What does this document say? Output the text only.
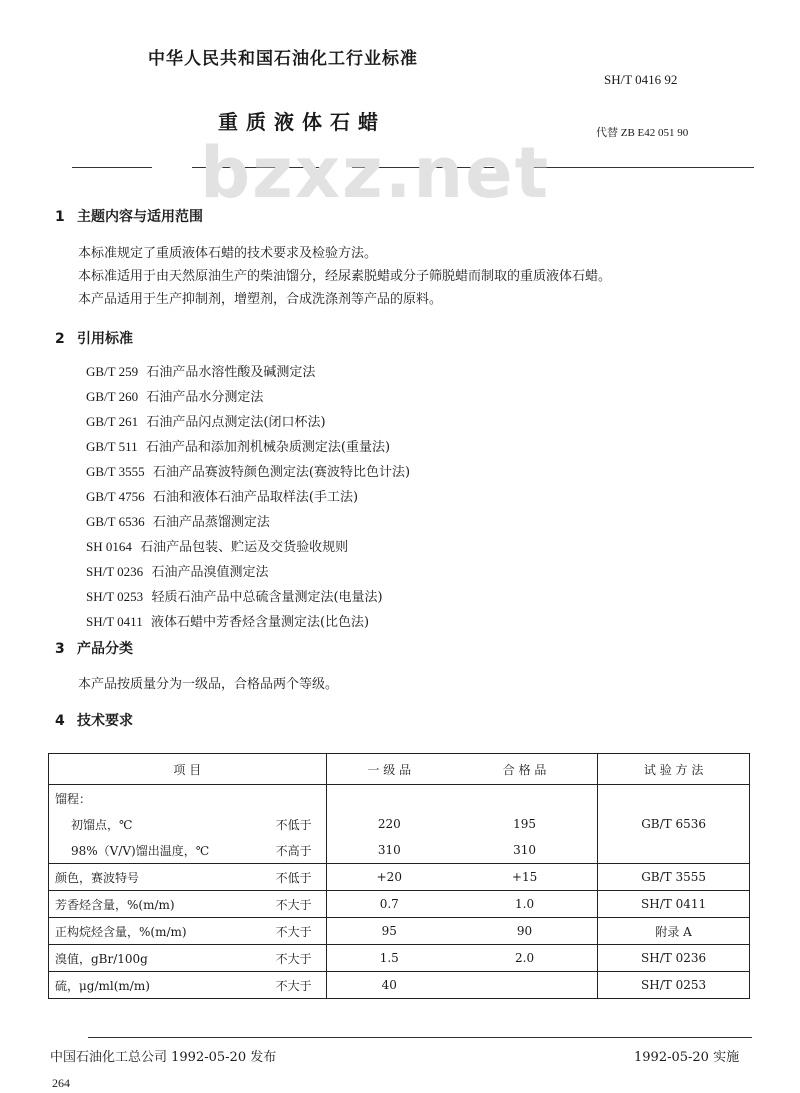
中华人民共和国石油化工行业标准
SH/T 0416 92
重质液体石蜡	代替 ZB E42 051 90
bzxz.net
1 主题内容与适用范围
本标准规定了重质液体石蜡的技术要求及检验方法。
本标准适用于由天然原油生产的柴油馏分，经尿素脱蜡或分子筛脱蜡而制取的重质液体石蜡。
本产品适用于生产抑制剂，增塑剂，合成洗涤剂等产品的原料。
2 引用标准
GB/T 259 石油产品水溶性酸及碱测定法
GB/T 260 石油产品水分测定法
GB/T 261 石油产品闪点测定法(闭口杯法)
GB/T 511 石油产品和添加剂机械杂质测定法(重量法)
GB/T 3555 石油产品赛波特颜色测定法(赛波特比色计法)
GB/T 4756 石油和液体石油产品取样法(手工法)
GB/T 6536 石油产品蒸馏测定法
SH 0164 石油产品包装、贮运及交货验收规则
SH/T 0236 石油产品溴值测定法
SH/T 0253 轻质石油产品中总硫含量测定法(电量法)
SH/T 0411 液体石蜡中芳香烃含量测定法(比色法)
3 产品分类
本产品按质量分为一级品，合格品两个等级。
4 技术要求
项 目		一 级 品	合 格 品	试 验 方 法
馏程：				
初馏点，℃	不低于	220	195	GB/T 6536
98%（V/V)馏出温度，℃	不高于	310	310	
颜色，赛波特号	不低于	+20	+15	GB/T 3555
芳香烃含量，%(m/m)	不大于	0.7	1.0	SH/T 0411
正构烷烃含量，%(m/m)	不大于	95	90	附录 A
溴值，gBr/100g	不大于	1.5	2.0	SH/T 0236
硫，μg/ml(m/m)	不大于	40		SH/T 0253
中国石油化工总公司 1992-05-20 发布	1992-05-20 实施
264
